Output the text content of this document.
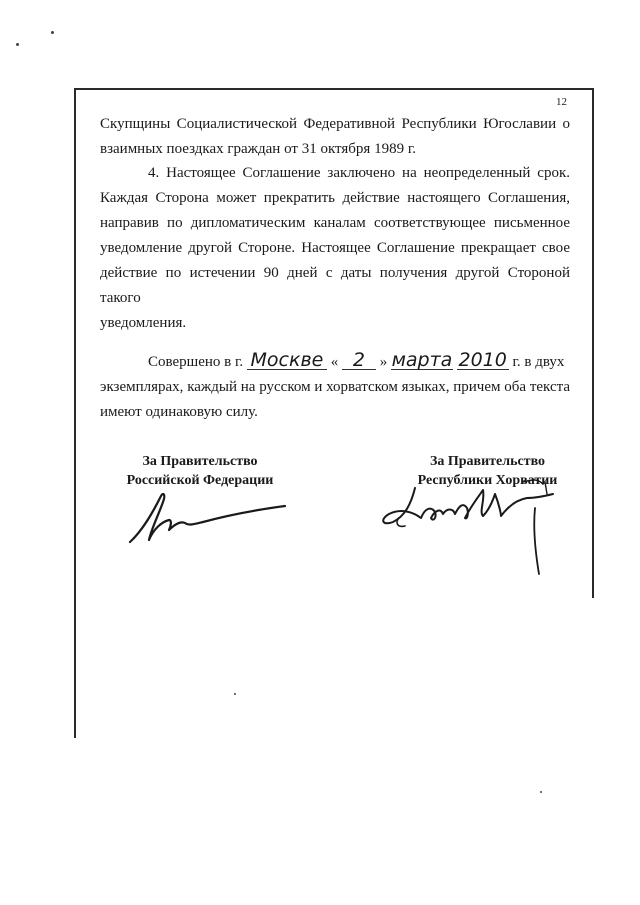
12
Скупщины Социалистической Федеративной Республики Югославии о
взаимных поездках граждан от 31 октября 1989 г.
4. Настоящее Соглашение заключено на неопределенный срок.
Каждая Сторона может прекратить действие настоящего Соглашения,
направив по дипломатическим каналам соответствующее письменное
уведомление другой Стороне. Настоящее Соглашение прекращает свое
действие по истечении 90 дней с даты получения другой Стороной такого
уведомления.
Совершено в г. Москве « 2 » марта 2010 г. в двух
экземплярах, каждый на русском и хорватском языках, причем оба текста
имеют одинаковую силу.
За Правительство
Российской Федерации
За Правительство
Республики Хорватии
